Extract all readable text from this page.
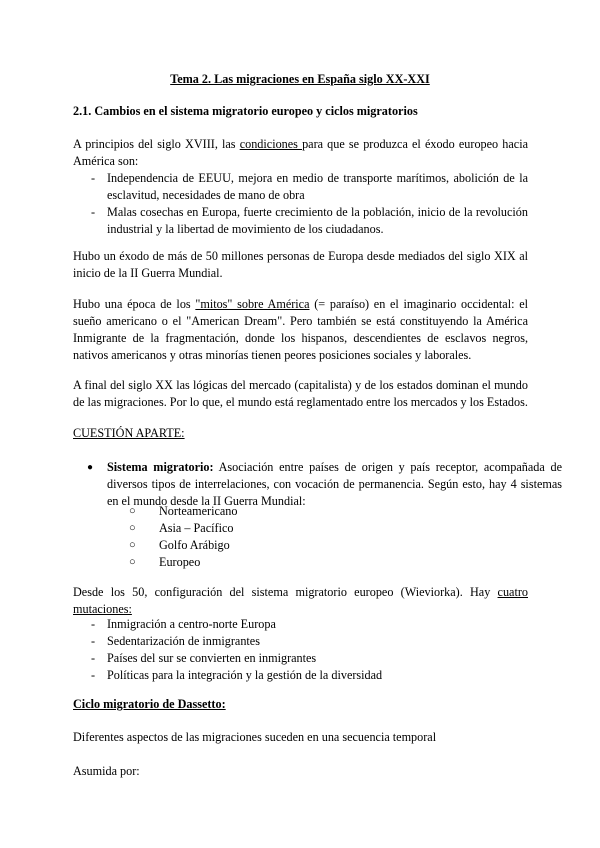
Tema 2. Las migraciones en España siglo XX-XXI
2.1. Cambios en el sistema migratorio europeo y ciclos migratorios
A principios del siglo XVIII, las condiciones para que se produzca el éxodo europeo hacia América son:
- Independencia de EEUU, mejora en medio de transporte marítimos, abolición de la esclavitud, necesidades de mano de obra
- Malas cosechas en Europa, fuerte crecimiento de la población, inicio de la revolución industrial y la libertad de movimiento de los ciudadanos.
Hubo un éxodo de más de 50 millones personas de Europa desde mediados del siglo XIX al inicio de la II Guerra Mundial.
Hubo una época de los "mitos" sobre América (= paraíso) en el imaginario occidental: el sueño americano o el "American Dream". Pero también se está constituyendo la América Inmigrante de la fragmentación, donde los hispanos, descendientes de esclavos negros, nativos americanos y otras minorías tienen peores posiciones sociales y laborales.
A final del siglo XX las lógicas del mercado (capitalista) y de los estados dominan el mundo de las migraciones. Por lo que, el mundo está reglamentado entre los mercados y los Estados.
CUESTIÓN APARTE:
● Sistema migratorio: Asociación entre países de origen y país receptor, acompañada de diversos tipos de interrelaciones, con vocación de permanencia. Según esto, hay 4 sistemas en el mundo desde la II Guerra Mundial:
○ Norteamericano
○ Asia – Pacífico
○ Golfo Arábigo
○ Europeo
Desde los 50, configuración del sistema migratorio europeo (Wieviorka). Hay cuatro mutaciones:
- Inmigración a centro-norte Europa
- Sedentarización de inmigrantes
- Países del sur se convierten en inmigrantes
- Políticas para la integración y la gestión de la diversidad
Ciclo migratorio de Dassetto:
Diferentes aspectos de las migraciones suceden en una secuencia temporal
Asumida por:
